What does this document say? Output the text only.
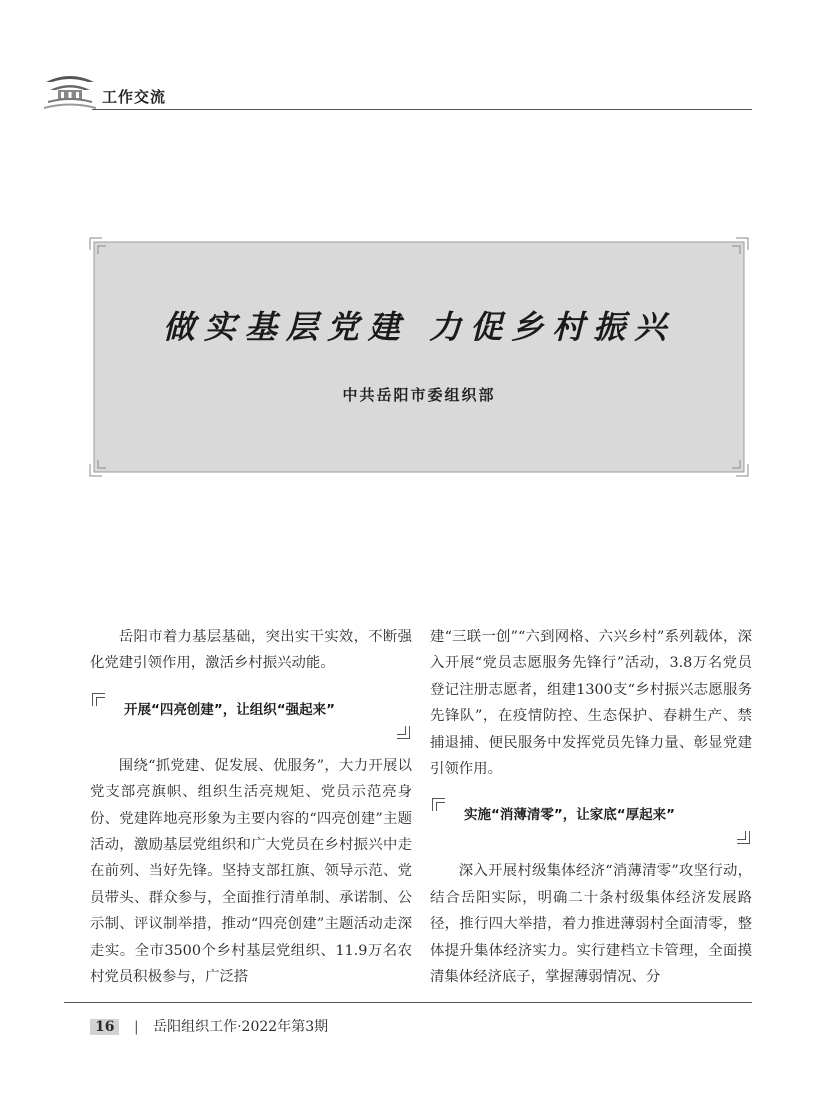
工作交流
做实基层党建 力促乡村振兴
中共岳阳市委组织部

岳阳市着力基层基础，突出实干实效，不断强化党建引领作用，激活乡村振兴动能。

开展“四亮创建”，让组织“强起来”

围绕“抓党建、促发展、优服务”，大力开展以党支部亮旗帜、组织生活亮规矩、党员示范亮身份、党建阵地亮形象为主要内容的“四亮创建”主题活动，激励基层党组织和广大党员在乡村振兴中走在前列、当好先锋。坚持支部扛旗、领导示范、党员带头、群众参与，全面推行清单制、承诺制、公示制、评议制举措，推动“四亮创建”主题活动走深走实。全市3500个乡村基层党组织、11.9万名农村党员积极参与，广泛搭

建“三联一创”“六到网格、六兴乡村”系列载体，深入开展“党员志愿服务先锋行”活动，3.8万名党员登记注册志愿者，组建1300支“乡村振兴志愿服务先锋队”，在疫情防控、生态保护、春耕生产、禁捕退捕、便民服务中发挥党员先锋力量、彰显党建引领作用。

实施“消薄清零”，让家底“厚起来”

深入开展村级集体经济“消薄清零”攻坚行动，结合岳阳实际，明确二十条村级集体经济发展路径，推行四大举措，着力推进薄弱村全面清零，整体提升集体经济实力。实行建档立卡管理，全面摸清集体经济底子，掌握薄弱情况、分

16 | 岳阳组织工作·2022年第3期
